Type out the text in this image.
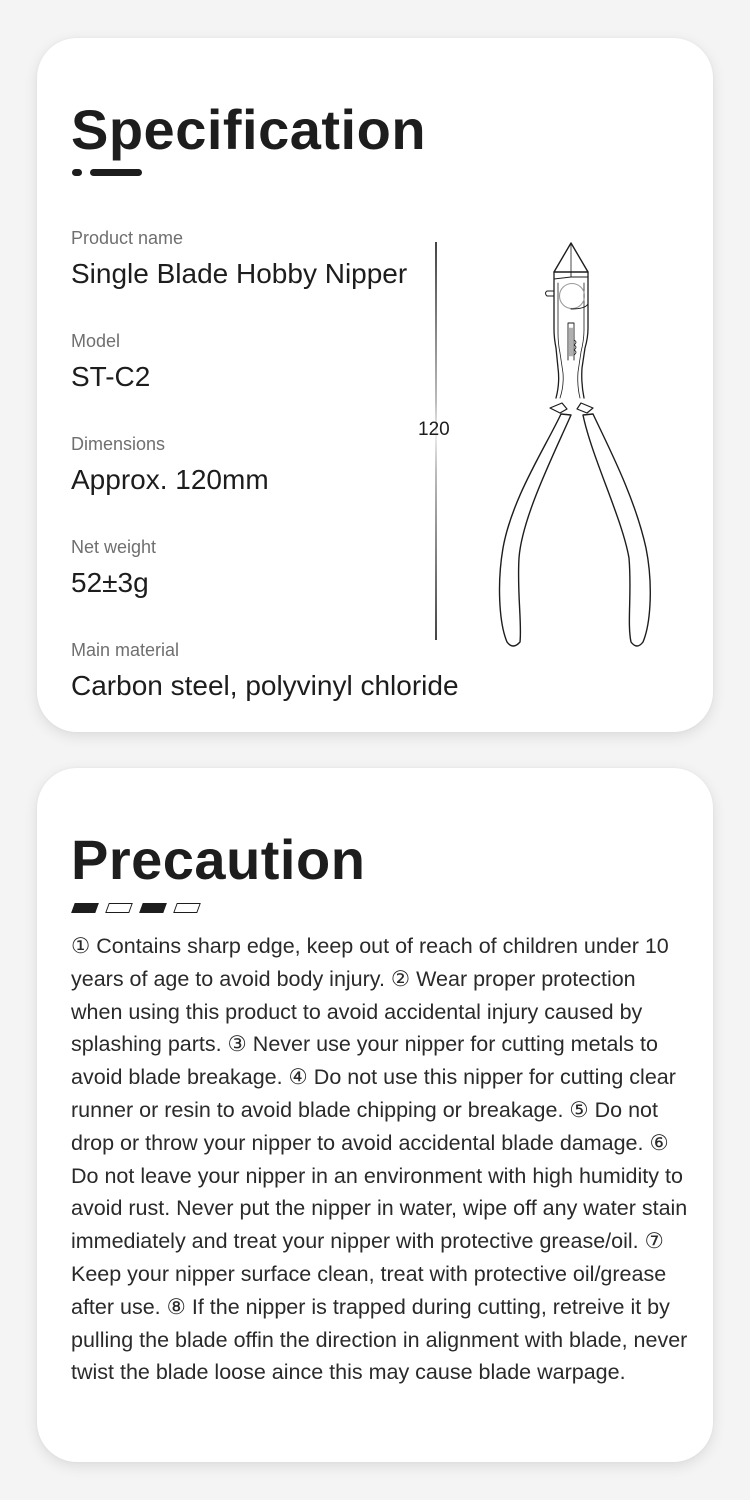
Specification
Product name
Single Blade Hobby Nipper
Model
ST-C2
Dimensions
Approx. 120mm
Net weight
52±3g
Main material
Carbon steel, polyvinyl chloride
120
Precaution

① Contains sharp edge, keep out of reach of children under 10 years of age to avoid body injury. ② Wear proper protection when using this product to avoid accidental injury caused by splashing parts. ③ Never use your nipper for cutting metals to avoid blade breakage. ④ Do not use this nipper for cutting clear runner or resin to avoid blade chipping or breakage. ⑤ Do not drop or throw your nipper to avoid accidental blade damage. ⑥ Do not leave your nipper in an environment with high humidity to avoid rust. Never put the nipper in water, wipe off any water stain immediately and treat your nipper with protective grease/oil. ⑦ Keep your nipper surface clean, treat with protective oil/grease after use. ⑧ If the nipper is trapped during cutting, retreive it by pulling the blade offin the direction in alignment with blade, never twist the blade loose aince this may cause blade warpage.
